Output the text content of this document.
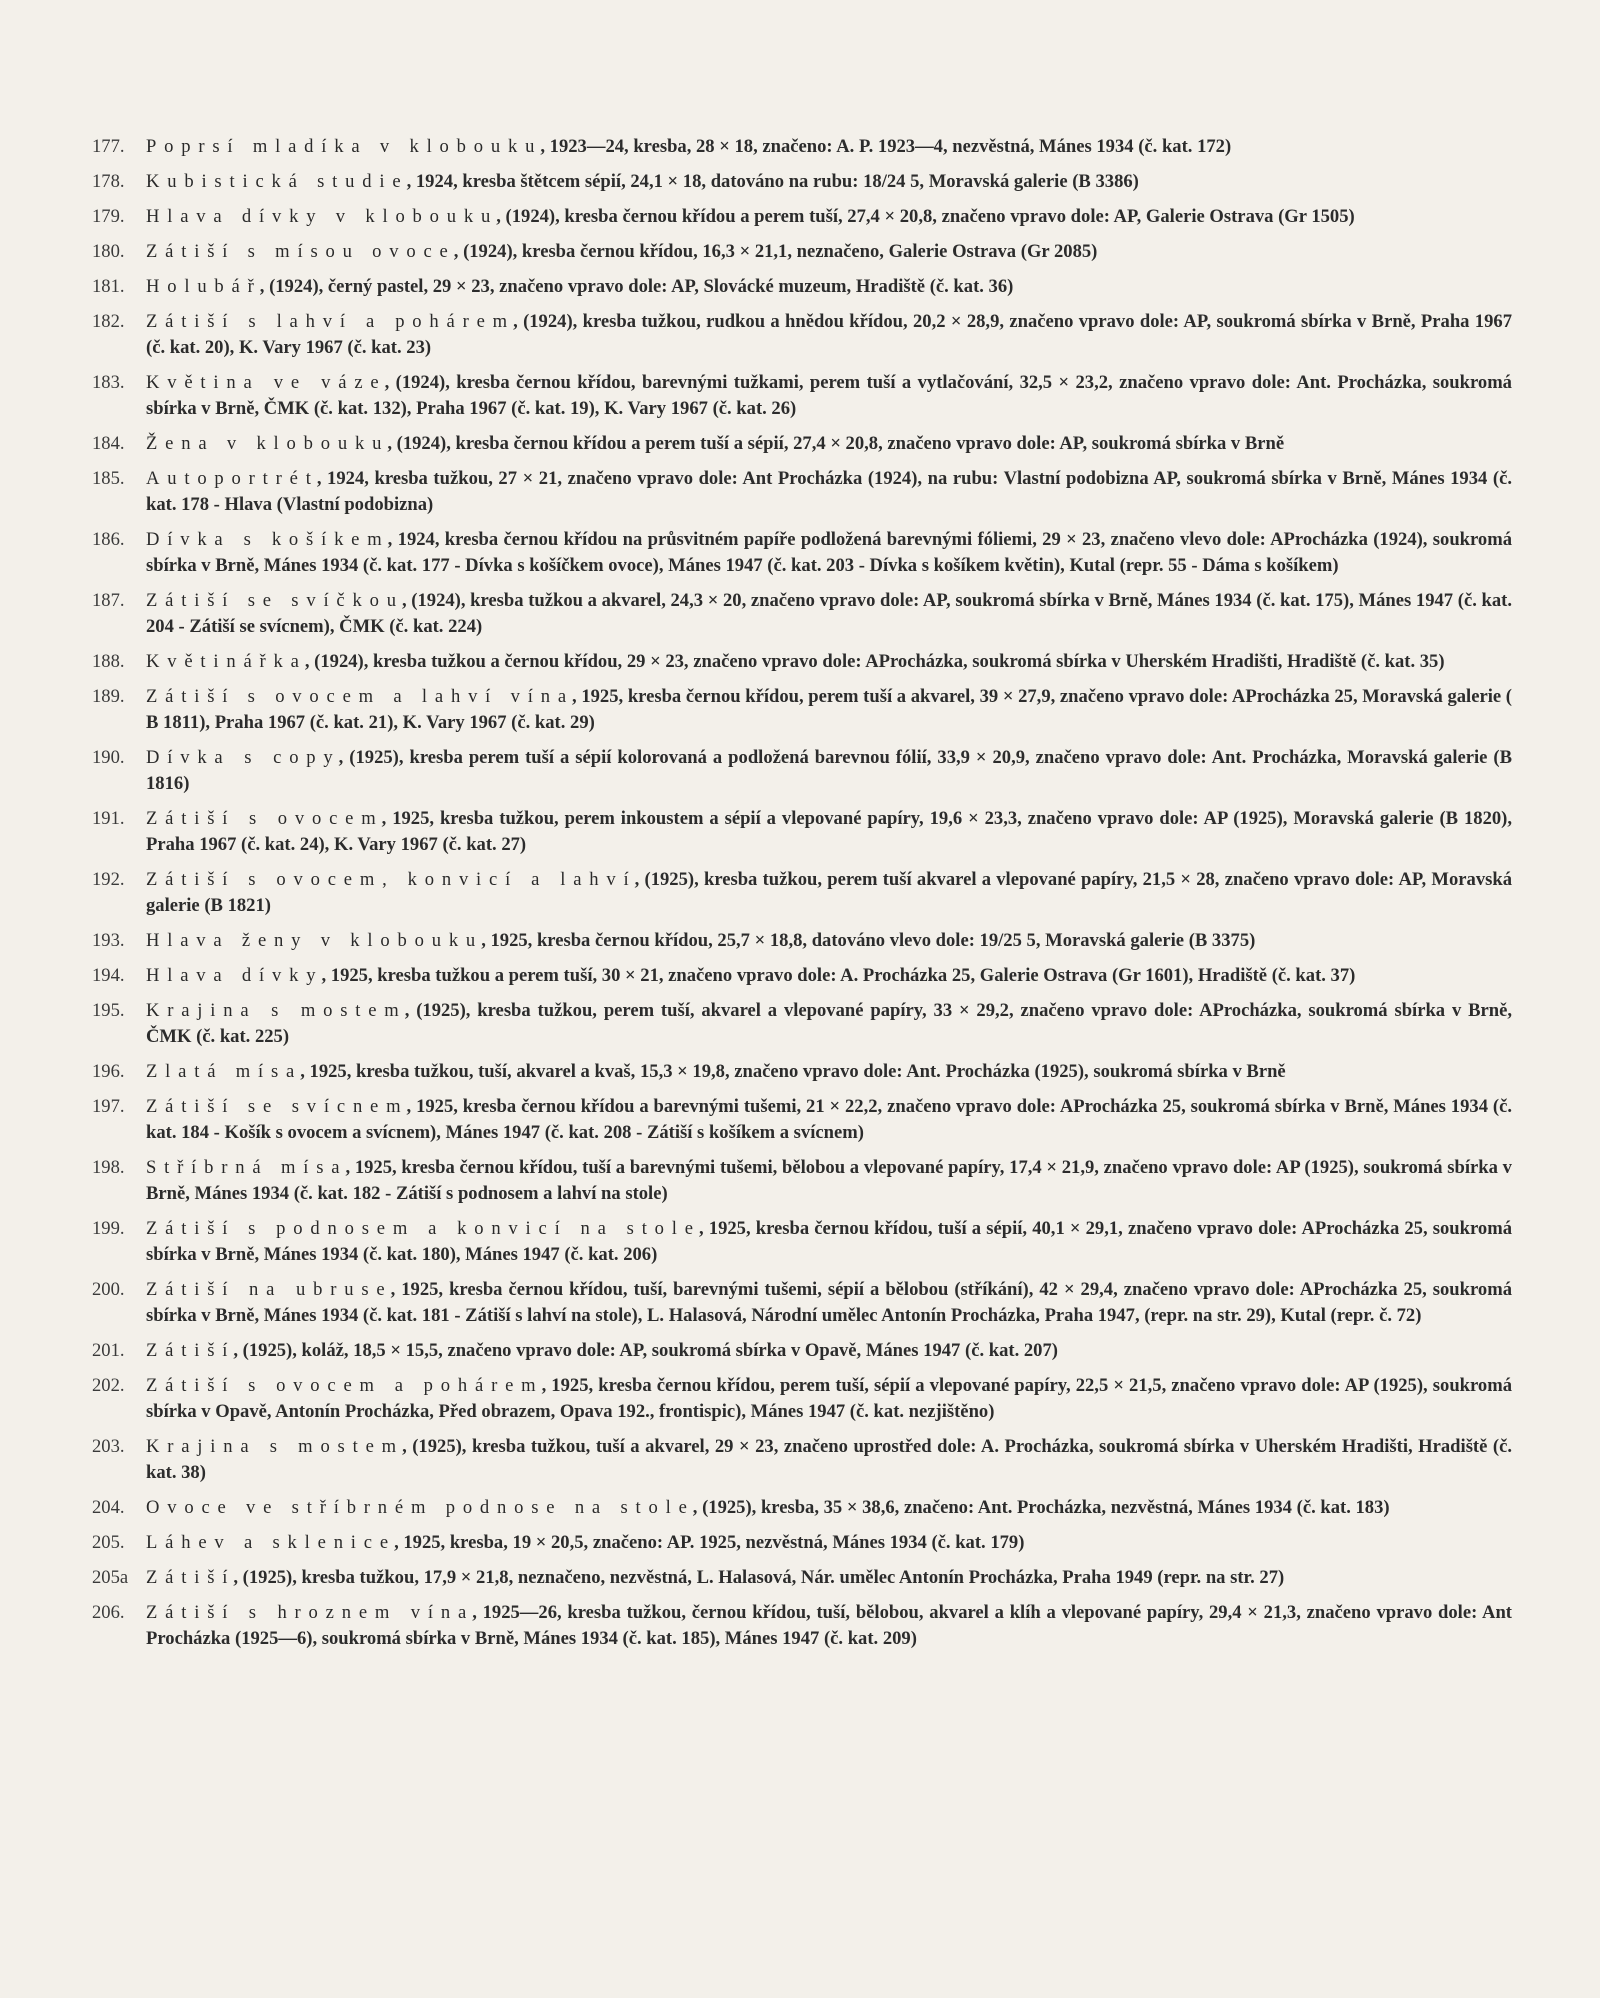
177.	Poprsí mladíka v klobouku, 1923—24, kresba, 28 × 18, značeno: A. P. 1923—4, nezvěstná, Mánes 1934 (č. kat. 172)
178.	Kubistická studie, 1924, kresba štětcem sépií, 24,1 × 18, datováno na rubu: 18/24 5, Moravská galerie (B 3386)
179.	Hlava dívky v klobouku, (1924), kresba černou křídou a perem tuší, 27,4 × 20,8, značeno vpravo dole: AP, Galerie Ostrava (Gr 1505)
180.	Zátiší s mísou ovoce, (1924), kresba černou křídou, 16,3 × 21,1, neznačeno, Galerie Ostrava (Gr 2085)
181.	Holubář, (1924), černý pastel, 29 × 23, značeno vpravo dole: AP, Slovácké muzeum, Hradiště (č. kat. 36)
182.	Zátiší s lahví a pohárem, (1924), kresba tužkou, rudkou a hnědou křídou, 20,2 × 28,9, značeno vpravo dole: AP, soukromá sbírka v Brně, Praha 1967 (č. kat. 20), K. Vary 1967 (č. kat. 23)
183.	Květina ve váze, (1924), kresba černou křídou, barevnými tužkami, perem tuší a vytlačování, 32,5 × 23,2, značeno vpravo dole: Ant. Procházka, soukromá sbírka v Brně, ČMK (č. kat. 132), Praha 1967 (č. kat. 19), K. Vary 1967 (č. kat. 26)
184.	Žena v klobouku, (1924), kresba černou křídou a perem tuší a sépií, 27,4 × 20,8, značeno vpravo dole: AP, soukromá sbírka v Brně
185.	Autoportrét, 1924, kresba tužkou, 27 × 21, značeno vpravo dole: Ant Procházka (1924), na rubu: Vlastní podobizna AP, soukromá sbírka v Brně, Mánes 1934 (č. kat. 178 - Hlava (Vlastní podobizna)
186.	Dívka s košíkem, 1924, kresba černou křídou na průsvitném papíře podložená barevnými fóliemi, 29 × 23, značeno vlevo dole: AProcházka (1924), soukromá sbírka v Brně, Mánes 1934 (č. kat. 177 - Dívka s košíčkem ovoce), Mánes 1947 (č. kat. 203 - Dívka s košíkem květin), Kutal (repr. 55 - Dáma s košíkem)
187.	Zátiší se svíčkou, (1924), kresba tužkou a akvarel, 24,3 × 20, značeno vpravo dole: AP, soukromá sbírka v Brně, Mánes 1934 (č. kat. 175), Mánes 1947 (č. kat. 204 - Zátiší se svícnem), ČMK (č. kat. 224)
188.	Květinářka, (1924), kresba tužkou a černou křídou, 29 × 23, značeno vpravo dole: AProcházka, soukromá sbírka v Uherském Hradišti, Hradiště (č. kat. 35)
189.	Zátiší s ovocem a lahví vína, 1925, kresba černou křídou, perem tuší a akvarel, 39 × 27,9, značeno vpravo dole: AProcházka 25, Moravská galerie ( B 1811), Praha 1967 (č. kat. 21), K. Vary 1967 (č. kat. 29)
190.	Dívka s copy, (1925), kresba perem tuší a sépií kolorovaná a podložená barevnou fólií, 33,9 × 20,9, značeno vpravo dole: Ant. Procházka, Moravská galerie (B 1816)
191.	Zátiší s ovocem, 1925, kresba tužkou, perem inkoustem a sépií a vlepované papíry, 19,6 × 23,3, značeno vpravo dole: AP (1925), Moravská galerie (B 1820), Praha 1967 (č. kat. 24), K. Vary 1967 (č. kat. 27)
192.	Zátiší s ovocem, konvicí a lahví, (1925), kresba tužkou, perem tuší akvarel a vlepované papíry, 21,5 × 28, značeno vpravo dole: AP, Moravská galerie (B 1821)
193.	Hlava ženy v klobouku, 1925, kresba černou křídou, 25,7 × 18,8, datováno vlevo dole: 19/25 5, Moravská galerie (B 3375)
194.	Hlava dívky, 1925, kresba tužkou a perem tuší, 30 × 21, značeno vpravo dole: A. Procházka 25, Galerie Ostrava (Gr 1601), Hradiště (č. kat. 37)
195.	Krajina s mostem, (1925), kresba tužkou, perem tuší, akvarel a vlepované papíry, 33 × 29,2, značeno vpravo dole: AProcházka, soukromá sbírka v Brně, ČMK (č. kat. 225)
196.	Zlatá mísa, 1925, kresba tužkou, tuší, akvarel a kvaš, 15,3 × 19,8, značeno vpravo dole: Ant. Procházka (1925), soukromá sbírka v Brně
197.	Zátiší se svícnem, 1925, kresba černou křídou a barevnými tušemi, 21 × 22,2, značeno vpravo dole: AProcházka 25, soukromá sbírka v Brně, Mánes 1934 (č. kat. 184 - Košík s ovocem a svícnem), Mánes 1947 (č. kat. 208 - Zátiší s košíkem a svícnem)
198.	Stříbrná mísa, 1925, kresba černou křídou, tuší a barevnými tušemi, bělobou a vlepované papíry, 17,4 × 21,9, značeno vpravo dole: AP (1925), soukromá sbírka v Brně, Mánes 1934 (č. kat. 182 - Zátiší s podnosem a lahví na stole)
199.	Zátiší s podnosem a konvicí na stole, 1925, kresba černou křídou, tuší a sépií, 40,1 × 29,1, značeno vpravo dole: AProcházka 25, soukromá sbírka v Brně, Mánes 1934 (č. kat. 180), Mánes 1947 (č. kat. 206)
200.	Zátiší na ubruse, 1925, kresba černou křídou, tuší, barevnými tušemi, sépií a bělobou (stříkání), 42 × 29,4, značeno vpravo dole: AProcházka 25, soukromá sbírka v Brně, Mánes 1934 (č. kat. 181 - Zátiší s lahví na stole), L. Halasová, Národní umělec Antonín Procházka, Praha 1947, (repr. na str. 29), Kutal (repr. č. 72)
201.	Zátiší, (1925), koláž, 18,5 × 15,5, značeno vpravo dole: AP, soukromá sbírka v Opavě, Mánes 1947 (č. kat. 207)
202.	Zátiší s ovocem a pohárem, 1925, kresba černou křídou, perem tuší, sépií a vlepované papíry, 22,5 × 21,5, značeno vpravo dole: AP (1925), soukromá sbírka v Opavě, Antonín Procházka, Před obrazem, Opava 192., frontispic), Mánes 1947 (č. kat. nezjištěno)
203.	Krajina s mostem, (1925), kresba tužkou, tuší a akvarel, 29 × 23, značeno uprostřed dole: A. Procházka, soukromá sbírka v Uherském Hradišti, Hradiště (č. kat. 38)
204.	Ovoce ve stříbrném podnose na stole, (1925), kresba, 35 × 38,6, značeno: Ant. Procházka, nezvěstná, Mánes 1934 (č. kat. 183)
205.	Láhev a sklenice, 1925, kresba, 19 × 20,5, značeno: AP. 1925, nezvěstná, Mánes 1934 (č. kat. 179)
205a Zátiší, (1925), kresba tužkou, 17,9 × 21,8, neznačeno, nezvěstná, L. Halasová, Nár. umělec Antonín Procházka, Praha 1949 (repr. na str. 27)
206.	Zátiší s hroznem vína, 1925—26, kresba tužkou, černou křídou, tuší, bělobou, akvarel a klíh a vlepované papíry, 29,4 × 21,3, značeno vpravo dole: Ant Procházka (1925—6), soukromá sbírka v Brně, Mánes 1934 (č. kat. 185), Mánes 1947 (č. kat. 209)
